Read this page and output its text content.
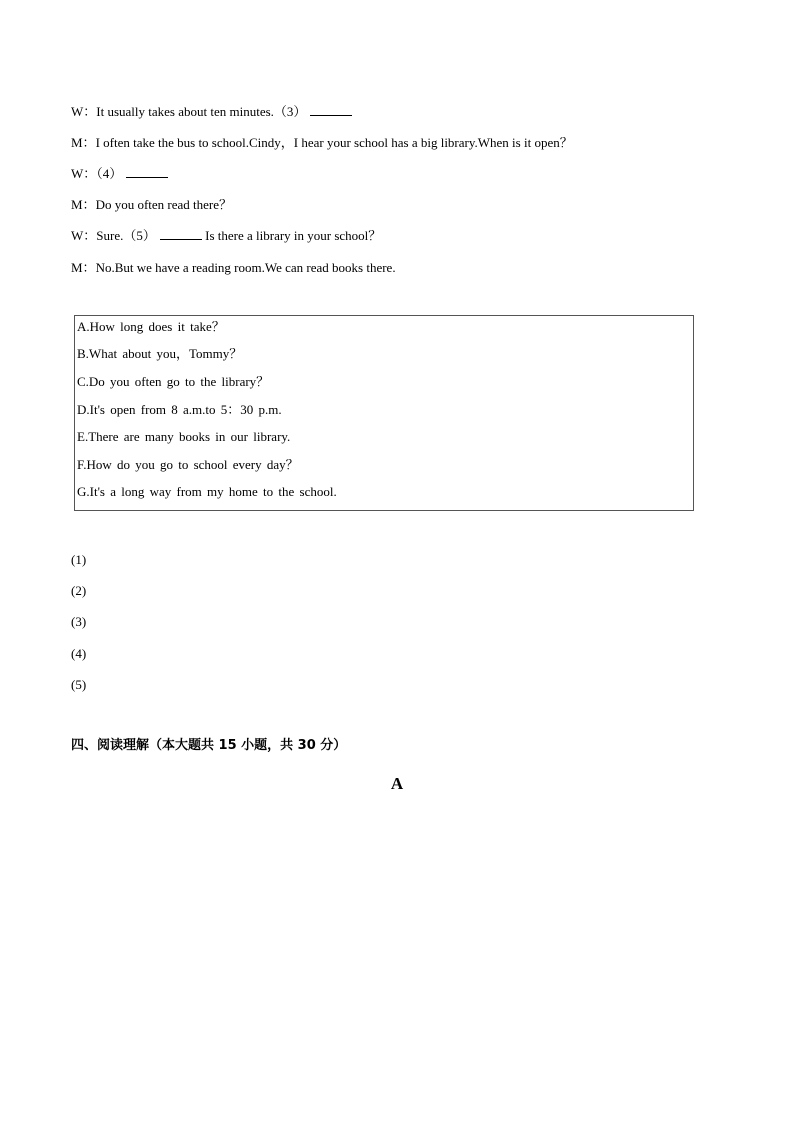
W：It usually takes about ten minutes.（3）
M：I often take the bus to school.Cindy，I hear your school has a big library.When is it open？
W：（4）
M：Do you often read there？
W：Sure.（5）	Is there a library in your school？
M：No.But we have a reading room.We can read books there.
A.How long does it take？
B.What about you，Tommy？
C.Do you often go to the library？
D.It's open from 8 a.m.to 5：30 p.m.
E.There are many books in our library.
F.How do you go to school every day？
G.It's a long way from my home to the school.
(1)
(2)
(3)
(4)
(5)
四、阅读理解（本大题共 15 小题，共 30 分）
A
